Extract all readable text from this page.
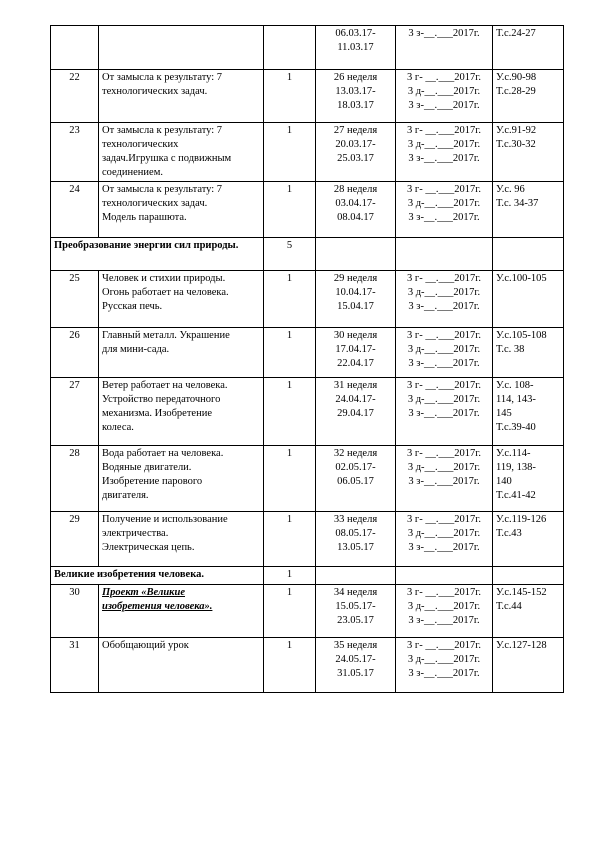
			06.03.17-
11.03.17	3 з-__.___2017г.	Т.с.24-27

22	От замысла к результату: 7
технологических задач.	1	26 неделя
13.03.17-
18.03.17	3 г- __.___2017г.
3 д-__.___2017г.
3 з-__.___2017г.	У.с.90-98
Т.с.28-29

23	От замысла к результату: 7
технологических
задач.Игрушка с подвижным
соединением.	1	27 неделя
20.03.17-
25.03.17	3 г- __.___2017г.
3 д-__.___2017г.
3 з-__.___2017г.	У.с.91-92
Т.с.30-32

24	От замысла к результату: 7
технологических задач.
Модель парашюта.	1	28 неделя
03.04.17-
08.04.17	3 г- __.___2017г.
3 д-__.___2017г.
3 з-__.___2017г.	У.с. 96
Т.с. 34-37

Преобразование энергии сил природы.		5			
25	Человек и стихии природы.
Огонь работает на человека.
Русская печь.	1	29 неделя
10.04.17-
15.04.17	3 г- __.___2017г.
3 д-__.___2017г.
3 з-__.___2017г.	У.с.100-105

26	Главный металл. Украшение
для мини-сада.	1	30 неделя
17.04.17-
22.04.17	3 г- __.___2017г.
3 д-__.___2017г.
3 з-__.___2017г.	У.с.105-108
Т.с. 38

27	Ветер работает на человека.
Устройство передаточного
механизма. Изобретение
колеса.	1	31 неделя
24.04.17-
29.04.17	3 г- __.___2017г.
3 д-__.___2017г.
3 з-__.___2017г.	У.с. 108-
114, 143-
145
Т.с.39-40

28	Вода работает на человека.
Водяные двигатели.
Изобретение парового
двигателя.	1	32 неделя
02.05.17-
06.05.17	3 г- __.___2017г.
3 д-__.___2017г.
3 з-__.___2017г.	У.с.114-
119, 138-
140
Т.с.41-42

29	Получение и использование
электричества.
Электрическая цепь.	1	33 неделя
08.05.17-
13.05.17	3 г- __.___2017г.
3 д-__.___2017г.
3 з-__.___2017г.	У.с.119-126
Т.с.43

Великие изобретения человека.		1			
30	Проект «Великие
изобретения человека».	1	34 неделя
15.05.17-
23.05.17	3 г- __.___2017г.
3 д-__.___2017г.
3 з-__.___2017г.	У.с.145-152
Т.с.44

31	Обобщающий урок	1	35 неделя
24.05.17-
31.05.17	3 г- __.___2017г.
3 д-__.___2017г.
3 з-__.___2017г.	У.с.127-128
